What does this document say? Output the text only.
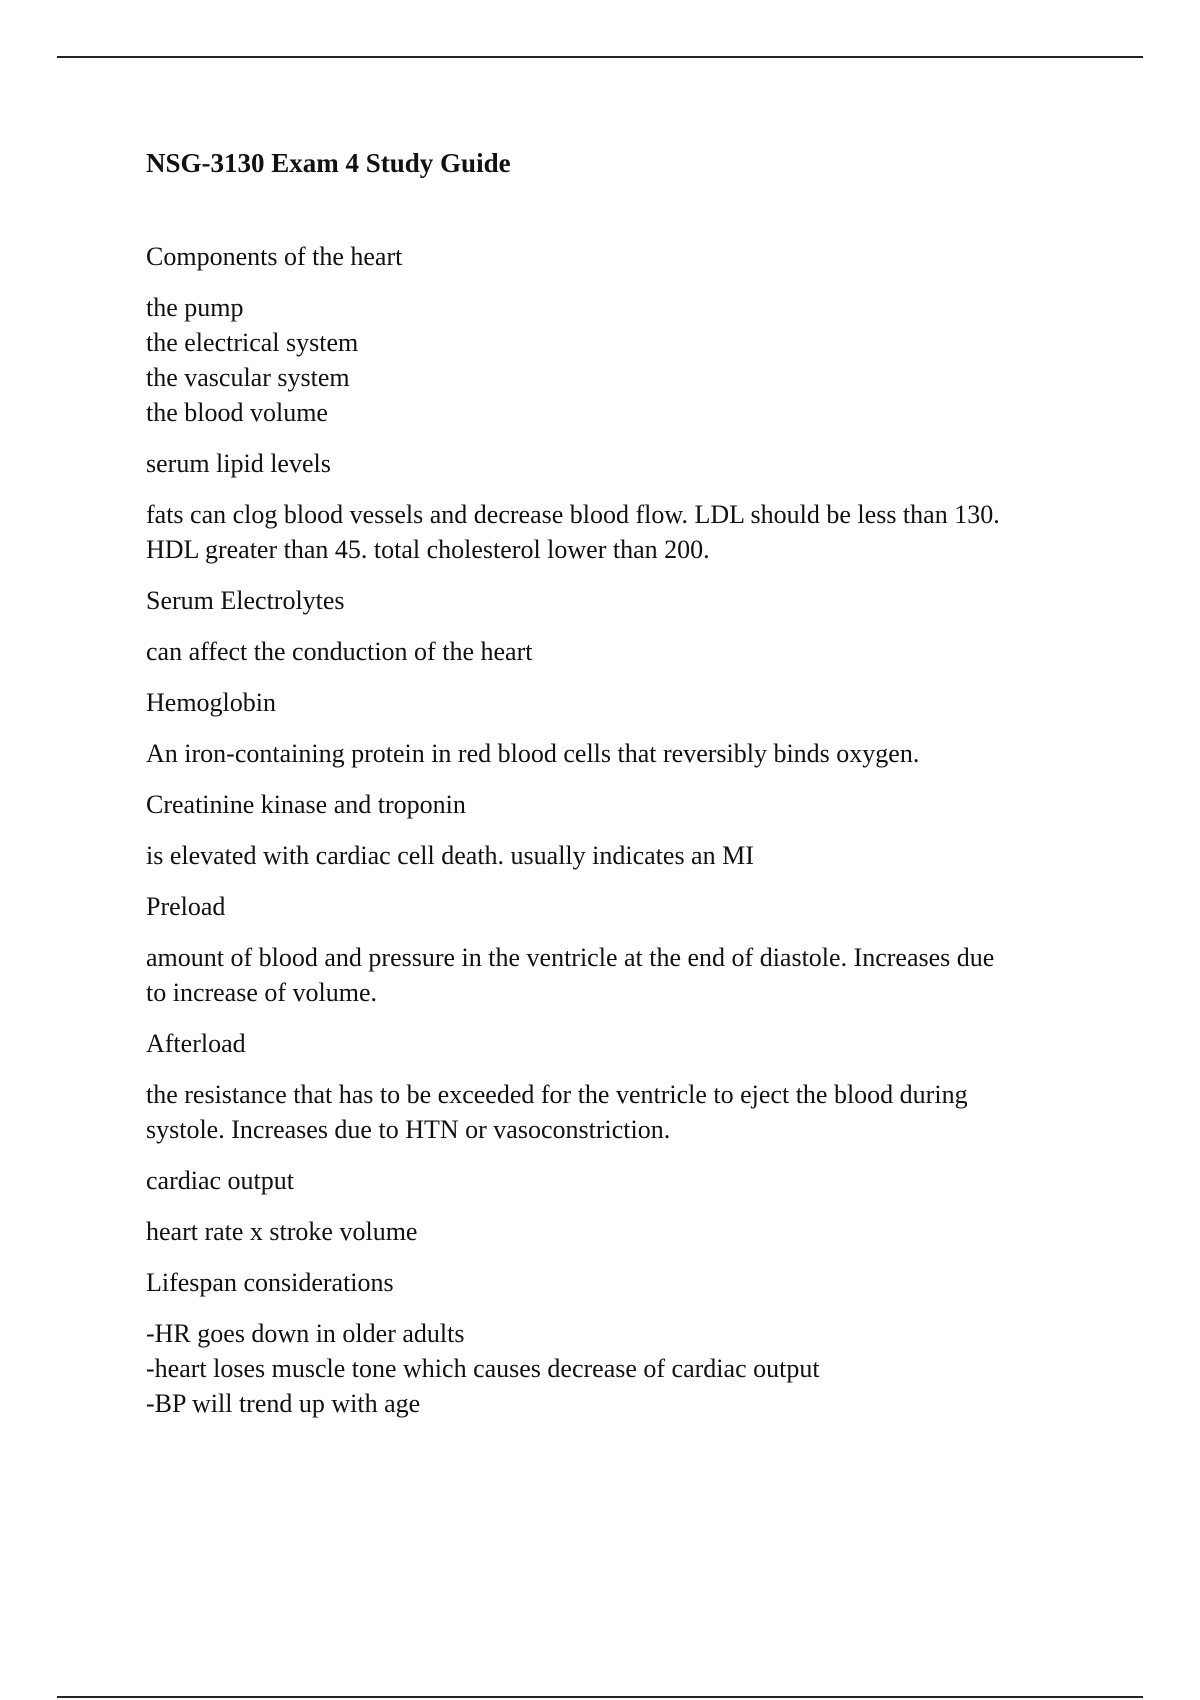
NSG-3130 Exam 4 Study Guide
Components of the heart
the pump
the electrical system
the vascular system
the blood volume
serum lipid levels
fats can clog blood vessels and decrease blood flow. LDL should be less than 130.
HDL greater than 45. total cholesterol lower than 200.
Serum Electrolytes
can affect the conduction of the heart
Hemoglobin
An iron-containing protein in red blood cells that reversibly binds oxygen.
Creatinine kinase and troponin
is elevated with cardiac cell death. usually indicates an MI
Preload
amount of blood and pressure in the ventricle at the end of diastole. Increases due
to increase of volume.
Afterload
the resistance that has to be exceeded for the ventricle to eject the blood during
systole. Increases due to HTN or vasoconstriction.
cardiac output
heart rate x stroke volume
Lifespan considerations
-HR goes down in older adults
-heart loses muscle tone which causes decrease of cardiac output
-BP will trend up with age
